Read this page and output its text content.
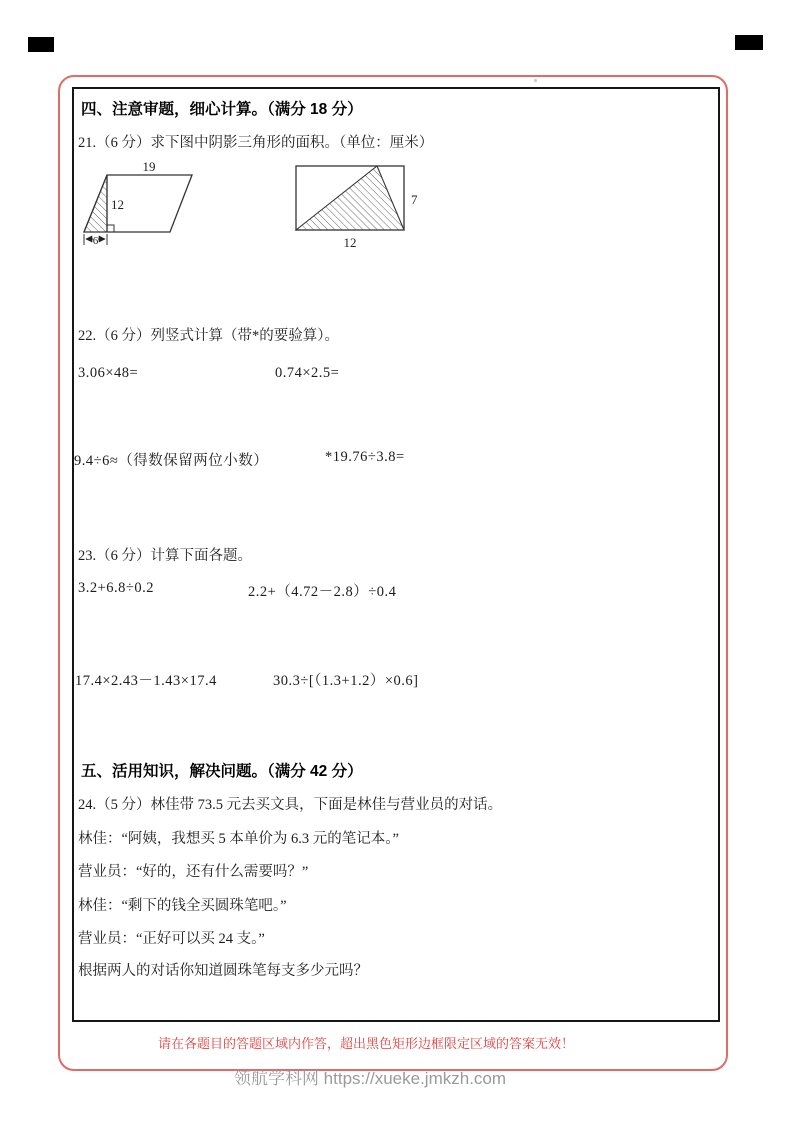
四、注意审题，细心计算。（满分 18 分）
21.（6 分）求下图中阴影三角形的面积。（单位：厘米）
19
12
6
7
12
22.（6 分）列竖式计算（带*的要验算）。
3.06×48=	0.74×2.5=
9.4÷6≈（得数保留两位小数）	*19.76÷3.8=
23.（6 分）计算下面各题。
3.2+6.8÷0.2	2.2+（4.72－2.8）÷0.4
17.4×2.43－1.43×17.4	30.3÷[（1.3+1.2）×0.6]
五、活用知识，解决问题。（满分 42 分）
24.（5 分）林佳带 73.5 元去买文具，下面是林佳与营业员的对话。
林佳：“阿姨，我想买 5 本单价为 6.3 元的笔记本。”
营业员：“好的，还有什么需要吗？”
林佳：“剩下的钱全买圆珠笔吧。”
营业员：“正好可以买 24 支。”
根据两人的对话你知道圆珠笔每支多少元吗？
请在各题目的答题区域内作答，超出黑色矩形边框限定区域的答案无效！
领航学科网 https://xueke.jmkzh.com
